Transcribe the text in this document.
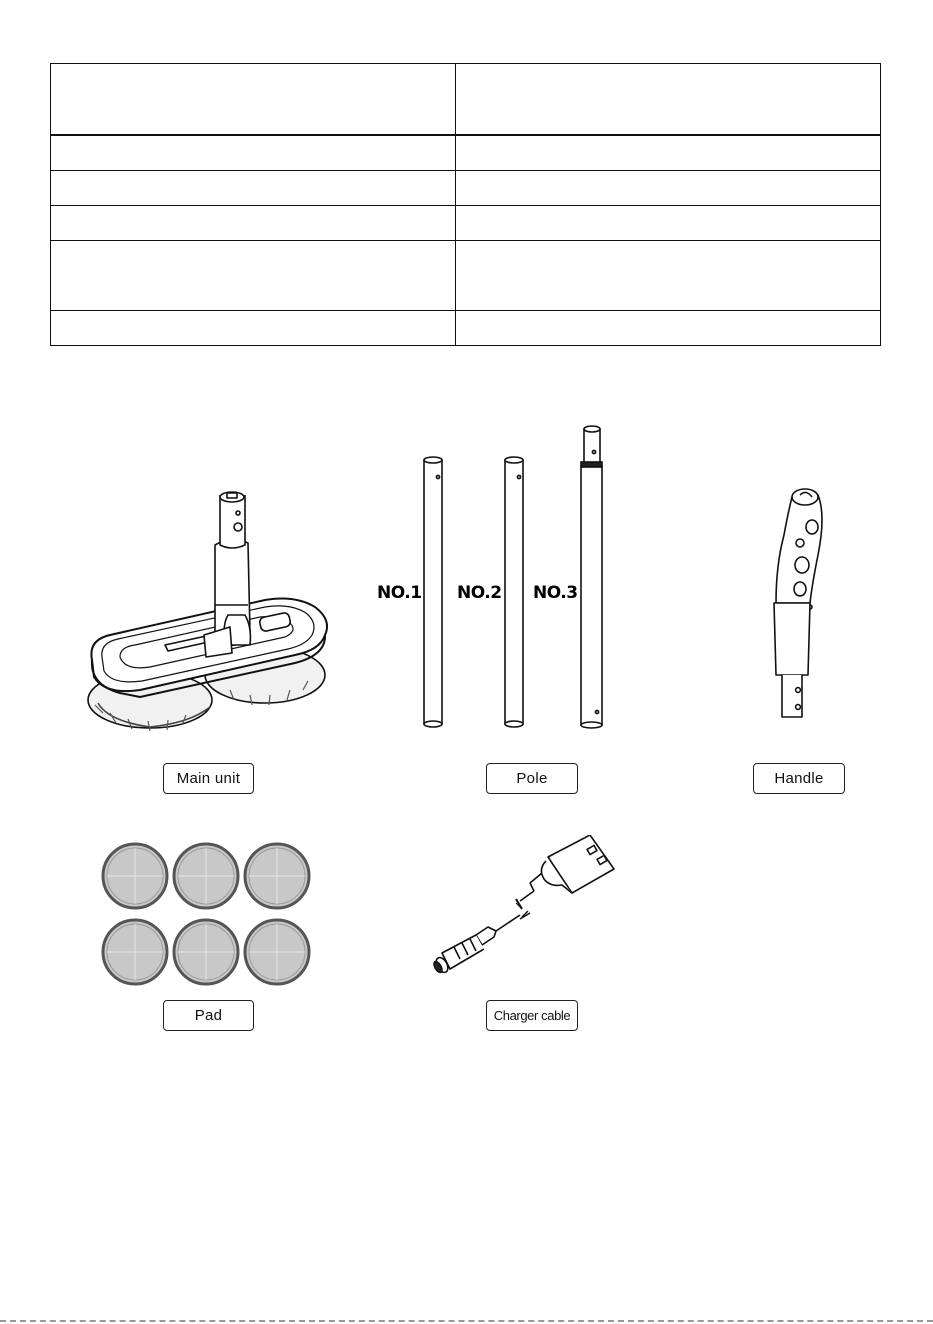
NO.1 NO.2 NO.3
Main unit	Pole	Handle
Pad	Charger cable
